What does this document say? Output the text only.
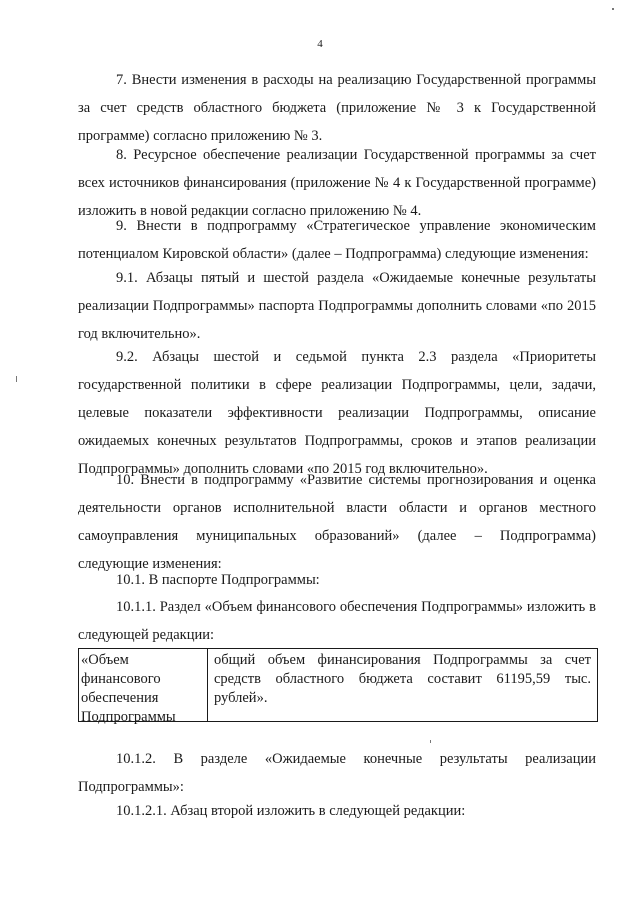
4

7. Внести изменения в расходы на реализацию Государственной программы за счет средств областного бюджета (приложение № 3 к Государственной программе) согласно приложению № 3.

8. Ресурсное обеспечение реализации Государственной программы за счет всех источников финансирования (приложение № 4 к Государственной программе) изложить в новой редакции согласно приложению № 4.

9. Внести в подпрограмму «Стратегическое управление экономическим потенциалом Кировской области» (далее – Подпрограмма) следующие изменения:

9.1. Абзацы пятый и шестой раздела «Ожидаемые конечные результаты реализации Подпрограммы» паспорта Подпрограммы дополнить словами «по 2015 год включительно».

9.2. Абзацы шестой и седьмой пункта 2.3 раздела «Приоритеты государственной политики в сфере реализации Подпрограммы, цели, задачи, целевые показатели эффективности реализации Подпрограммы, описание ожидаемых конечных результатов Подпрограммы, сроков и этапов реализации Подпрограммы» дополнить словами «по 2015 год включительно».

10. Внести в подпрограмму «Развитие системы прогнозирования и оценка деятельности органов исполнительной власти области и органов местного самоуправления муниципальных образований» (далее – Подпрограмма) следующие изменения:

10.1. В паспорте Подпрограммы:

10.1.1. Раздел «Объем финансового обеспечения Подпрограммы» изложить в следующей редакции:

«Объем финансового обеспечения Подпрограммы
общий объем финансирования Подпрограммы за счет средств областного бюджета составит 61195,59 тыс. рублей».

10.1.2. В разделе «Ожидаемые конечные результаты реализации Подпрограммы»:

10.1.2.1. Абзац второй изложить в следующей редакции:
